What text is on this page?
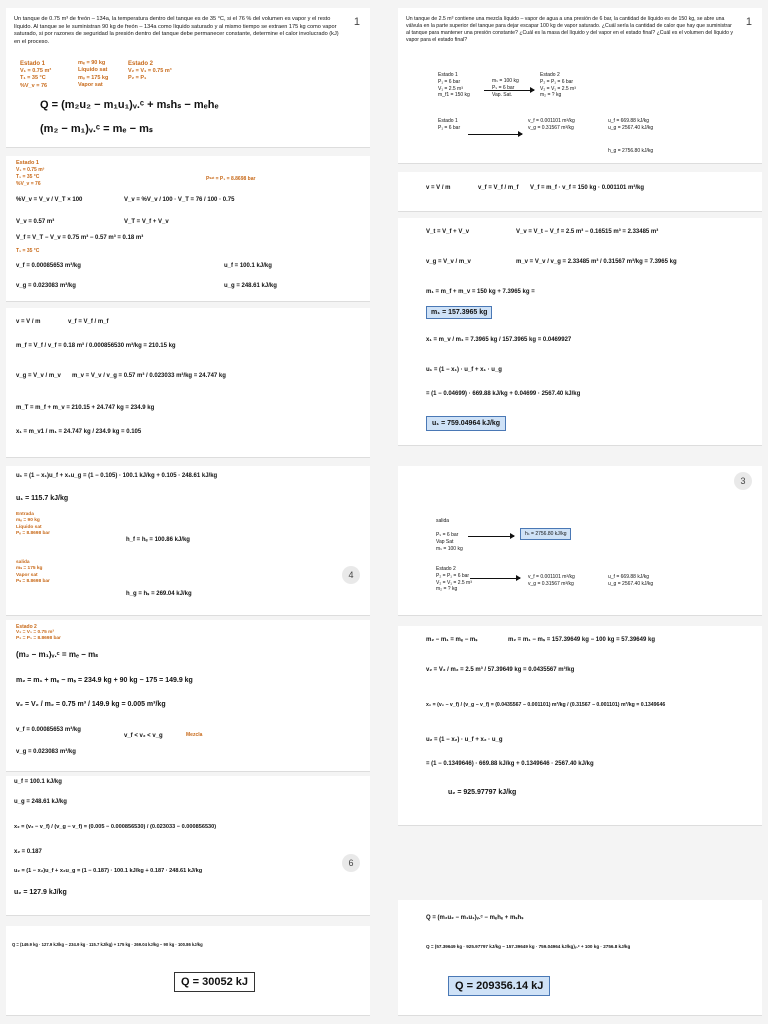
1
Un tanque de 0.75 m³ de freón – 134a, la temperatura dentro del tanque es de 35 °C, si el 76 % del volumen es vapor y el resto líquido. Al tanque se le suministran 90 kg de freón – 134a como líquido saturado y al mismo tiempo se extraen 175 kg como vapor saturado, si por razones de seguridad la presión dentro del tanque debe permanecer constante, determine el calor involucrado (kJ) en el proceso.
Estado 1
V₁ = 0.75 m³
T₁ = 35 °C
%V_v = 76
mₑ = 90 kg
Líquido sat
mₛ = 175 kg
Vapor sat
Estado 2
V₂ = V₁ = 0.75 m³
P₂ = P₁
Q = (m₂u₂ − m₁u₁)ᵥ.ᶜ + mₛhₛ − mₑhₑ
(m₂ − m₁)ᵥ.ᶜ = mₑ − mₛ
Estado 1
V₁ = 0.75 m³
T₁ = 35 °C
%V_v = 76
Pˢᵃᵗ = P₁ = 8.8698 bar
%V_v = V_v / V_T × 100	V_v = %V_v / 100 · V_T = 76 / 100 · 0.75
V_v = 0.57 m³	V_T = V_f + V_v
V_f = V_T − V_v = 0.75 m³ − 0.57 m³ = 0.18 m³
T₁ = 35 °C
v_f = 0.00085653 m³/kg	u_f = 100.1 kJ/kg
v_g = 0.023083 m³/kg	u_g = 248.61 kJ/kg
v = V / m	v_f = V_f / m_f
m_f = V_f / v_f = 0.18 m³ / 0.000856530 m³/kg = 210.15 kg
v_g = V_v / m_v m_v = V_v / v_g = 0.57 m³ / 0.023033 m³/kg = 24.747 kg
m_T = m_f + m_v = 210.15 + 24.747 kg = 234.9 kg
x₁ = m_v1 / m₁ = 24.747 kg / 234.9 kg = 0.105
4
u₁ = (1 − x₁)u_f + x₁u_g = (1 − 0.105) · 100.1 kJ/kg + 0.105 · 248.61 kJ/kg
u₁ = 115.7 kJ/kg
Entrada
mₑ = 90 kg
Líquido sat
Pₑ = 8.8698 bar
h_f = hₑ = 100.86 kJ/kg
salida
mₛ = 175 kg
Vapor sat
Pₛ = 8.8698 bar
h_g = hₛ = 269.04 kJ/kg
Estado 2
V₂ = V₁ = 0.75 m³
P₂ = P₁ = 8.8698 bar
(m₂ − m₁)ᵥ.ᶜ = mₑ − mₛ
m₂ = m₁ + mₑ − mₛ = 234.9 kg + 90 kg − 175 = 149.9 kg
v₂ = V₂ / m₂ = 0.75 m³ / 149.9 kg = 0.005 m³/kg
v_f = 0.00085653 m³/kg
v_f < v₂ < v_g	Mezcla
v_g = 0.023083 m³/kg
6
u_f = 100.1 kJ/kg
u_g = 248.61 kJ/kg
x₂ = (v₂ − v_f) / (v_g − v_f) = (0.005 − 0.000856530) / (0.023033 − 0.000856530)
x₂ = 0.187
u₂ = (1 − x₂)u_f + x₂u_g = (1 − 0.187) · 100.1 kJ/kg + 0.187 · 248.61 kJ/kg
u₂ = 127.9 kJ/kg
Q = (149.9 kg · 127.9 kJ/kg − 234.9 kg · 115.7 kJ/kg) + 175 kg · 269.04 kJ/kg − 90 kg · 100.86 kJ/kg
Q = 30052 kJ
1
Un tanque de 2.5 m³ contiene una mezcla líquido – vapor de agua a una presión de 6 bar, la cantidad de líquido es de 150 kg, se abre una válvula en la parte superior del tanque para dejar escapar 100 kg de vapor saturado. ¿Cuál sería la cantidad de calor que hay que suministrar al tanque para mantener una presión constante? ¿Cuál es la masa del líquido y del vapor en el estado final? ¿Cuál es el volumen del líquido y vapor para el estado final?
Estado 1
P₁ = 6 bar
V₁ = 2.5 m³
m_f1 = 150 kg
mₛ = 100 kg
Pₛ = 6 bar
Vap. Sat.
Estado 2
P₂ = P₁ = 6 bar
V₂ = V₁ = 2.5 m³
m₂ = ? kg
Estado 1
P₁ = 6 bar
v_f = 0.001101 m³/kg
v_g = 0.31567 m³/kg
u_f = 669.88 kJ/kg
u_g = 2567.40 kJ/kg
h_g = 2756.80 kJ/kg
v = V / m	v_f = V_f / m_f V_f = m_f · v_f = 150 kg · 0.001101 m³/kg
V_t = V_f + V_v	V_v = V_t − V_f = 2.5 m³ − 0.16515 m³ = 2.33485 m³
v_g = V_v / m_v	m_v = V_v / v_g = 2.33485 m³ / 0.31567 m³/kg = 7.3965 kg
m₁ = m_f + m_v = 150 kg + 7.3965 kg =
m₁ = 157.3965 kg
x₁ = m_v / m₁ = 7.3965 kg / 157.3965 kg = 0.0469927
u₁ = (1 − x₁) · u_f + x₁ · u_g
= (1 − 0.04699) · 669.88 kJ/kg + 0.04699 · 2567.40 kJ/kg
u₁ = 759.04964 kJ/kg
3
salida
Pₛ = 6 bar
Vap Sat
mₛ = 100 kg
hₛ = 2756.80 kJ/kg
Estado 2
P₂ = P₁ = 6 bar
V₂ = V₁ = 2.5 m³
m₂ = ? kg
v_f = 0.001101 m³/kg
v_g = 0.31567 m³/kg
u_f = 669.88 kJ/kg
u_g = 2567.40 kJ/kg
m₂ − m₁ = mₑ − mₛ	m₂ = m₁ − mₛ = 157.39649 kg − 100 kg = 57.39649 kg
v₂ = V₂ / m₂ = 2.5 m³ / 57.39649 kg = 0.0435567 m³/kg
x₂ = (v₂ − v_f) / (v_g − v_f) = (0.0435567 − 0.001101) m³/kg / (0.31567 − 0.001101) m³/kg = 0.1349646
u₂ = (1 − x₂) · u_f + x₂ · u_g
= (1 − 0.1349646) · 669.88 kJ/kg + 0.1349646 · 2567.40 kJ/kg
u₂ = 925.97797 kJ/kg
Q = (m₂u₂ − m₁u₁)ᵥ.ᶜ − mₑhₑ + mₛhₛ
Q = (57.39649 kg · 925.97797 kJ/kg − 157.39649 kg · 759.04964 kJ/kg)ᵥ.ᶜ + 100 kg · 2756.8 kJ/kg
Q = 209356.14 kJ
